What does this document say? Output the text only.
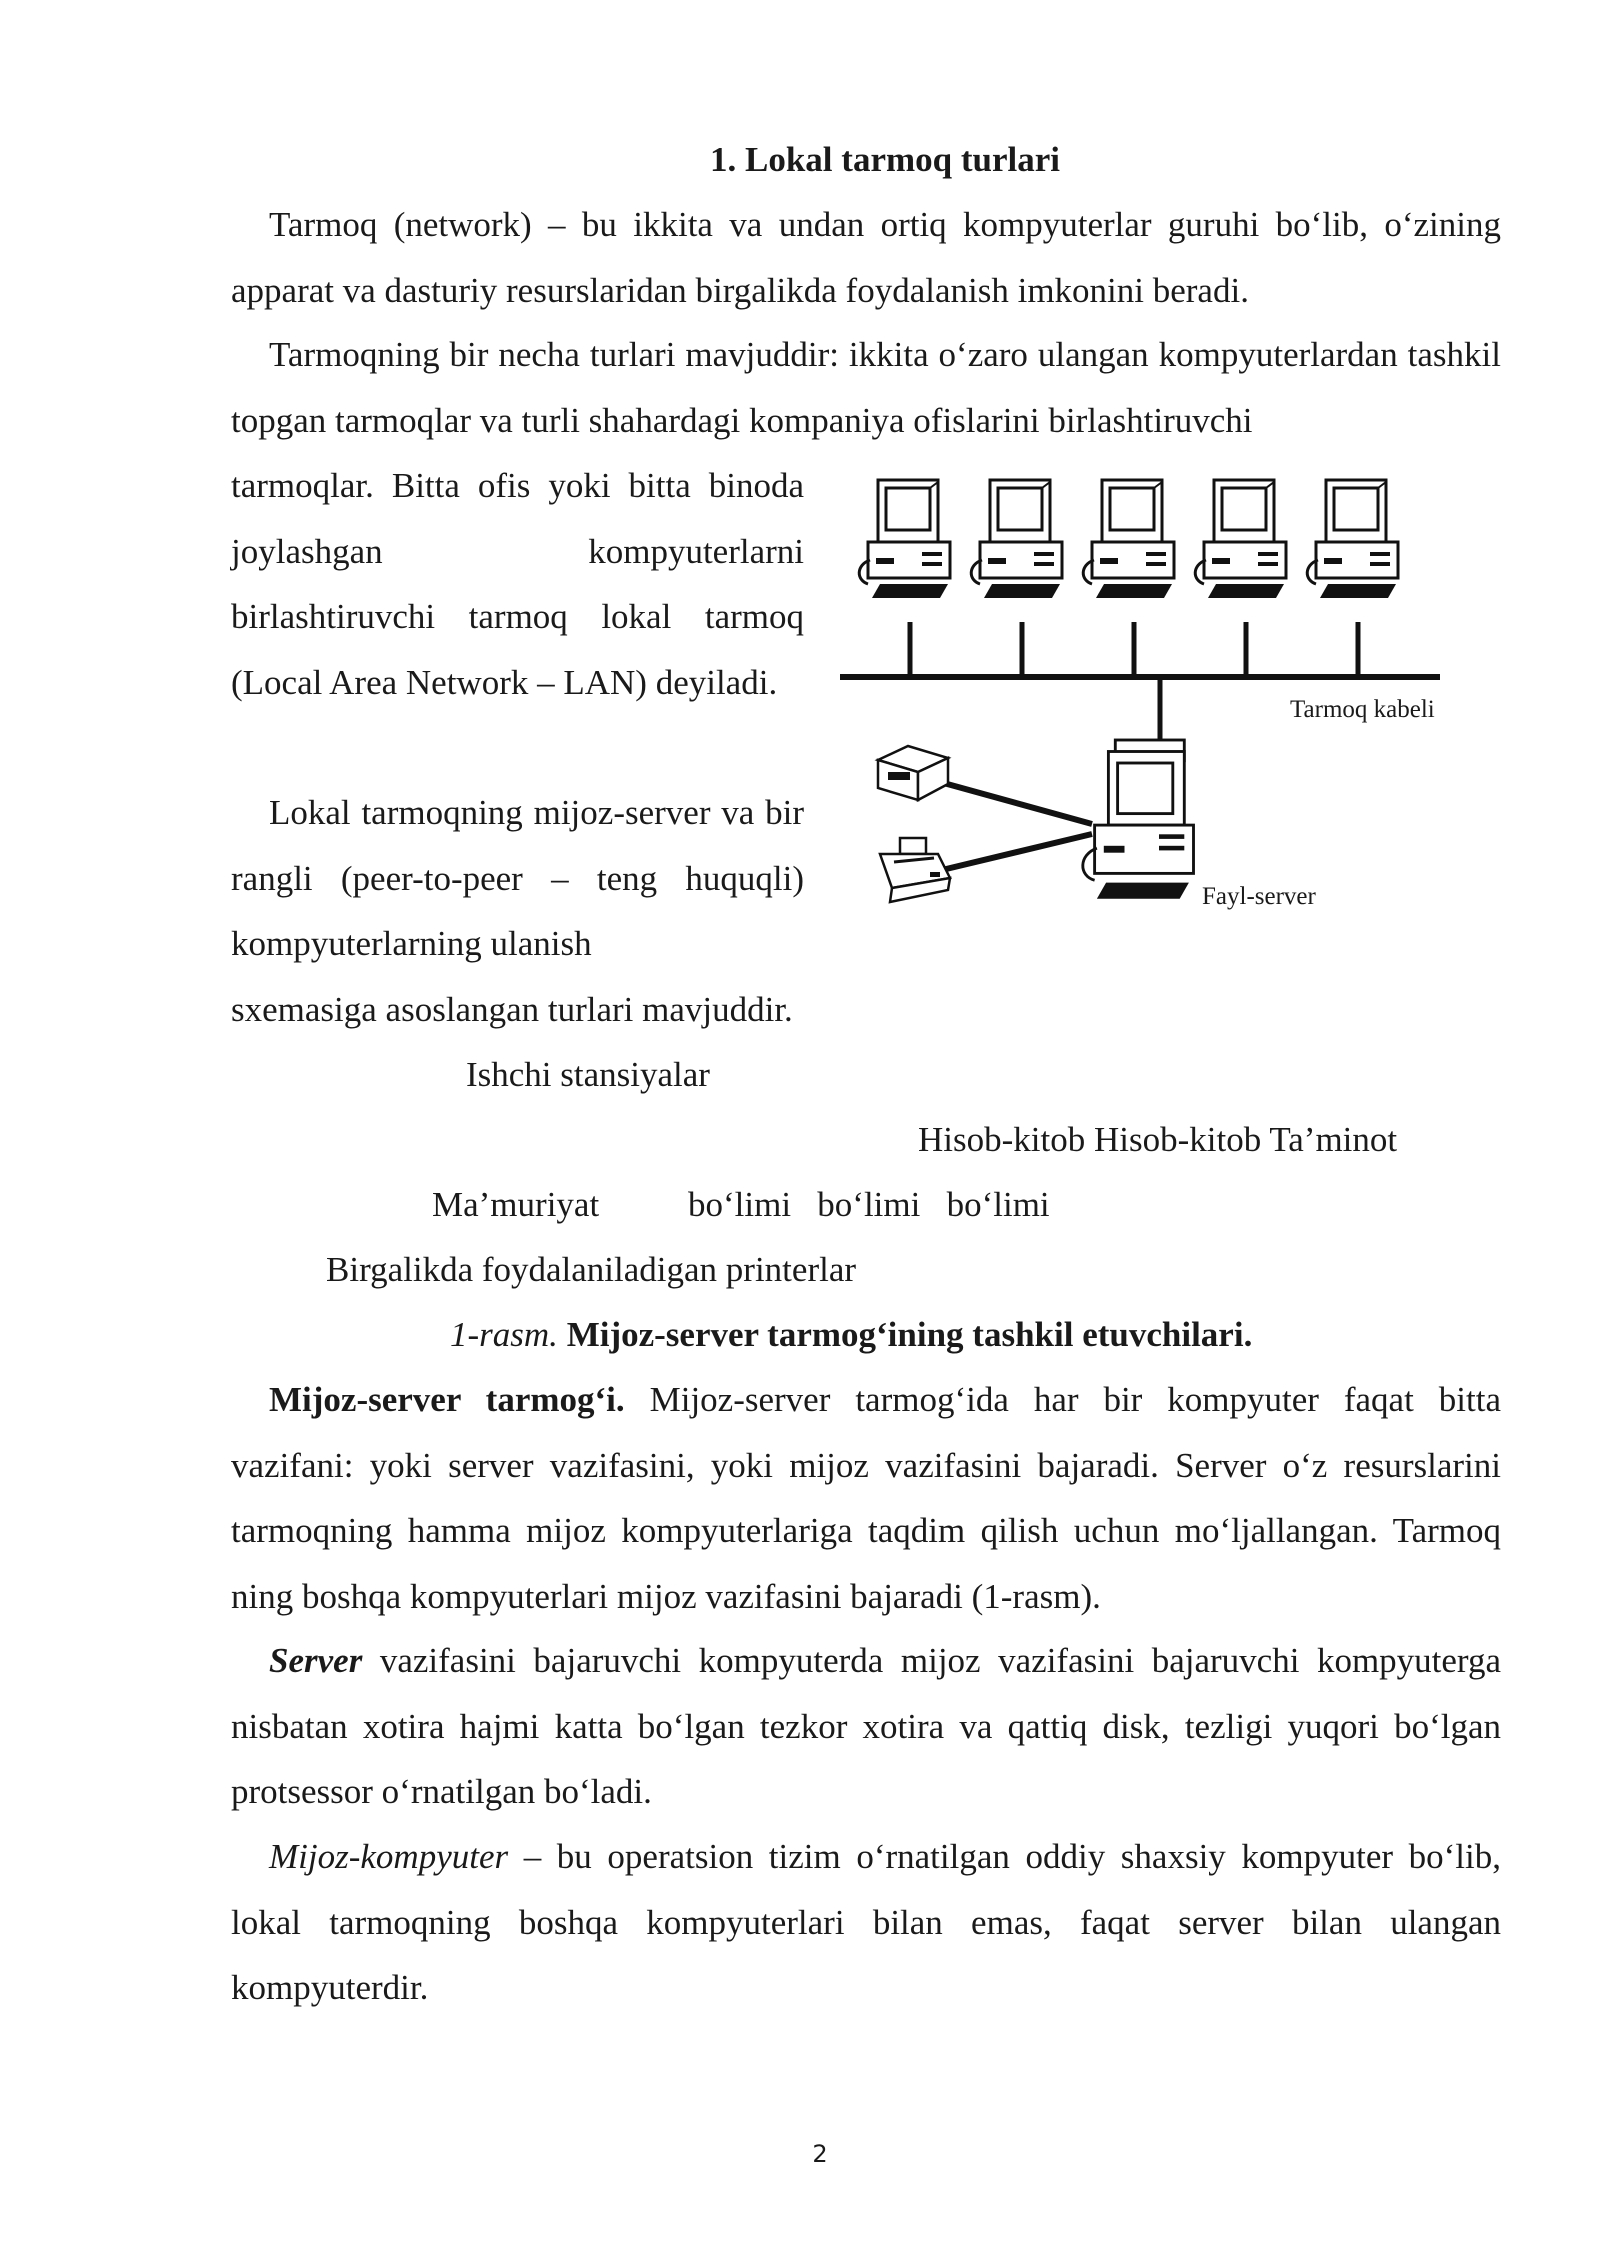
1. Lokal tarmoq turlari

Tarmoq (network) – bu ikkita va undan ortiq kompyuterlar guruhi bo‘lib, o‘zining apparat va dasturiy resurslaridan birgalikda foydalanish imkonini beradi.

Tarmoqning bir necha turlari mavjuddir: ikkita o‘zaro ulangan kompyuterlardan tashkil topgan tarmoqlar va turli shahardagi kompaniya ofislarini birlashtiruvchi

tarmoqlar. Bitta ofis yoki bitta binoda joylashgan kompyuterlarni birlashtiruvchi tarmoq lokal tarmoq (Local Area Network – LAN) deyiladi.

Lokal tarmoqning mijoz-server va bir rangli (peer-to-peer – teng huquqli) kompyuterlarning ulanish

sxemasiga asoslangan turlari mavjuddir.

Tarmoq kabeli
Fayl-server

Ishchi stansiyalar

Hisob-kitob Hisob-kitob Ta’minot

Ma’muriyat	bo‘limi   bo‘limi   bo‘limi

Birgalikda foydalaniladigan printerlar

1-rasm. Mijoz-server tarmog‘ining tashkil etuvchilari.

Mijoz-server tarmog‘i. Mijoz-server tarmog‘ida har bir kompyuter faqat bitta vazifani: yoki server vazifasini, yoki mijoz vazifasini bajaradi. Server o‘z resurslarini tarmoqning hamma mijoz kompyuterlariga taqdim qilish uchun mo‘ljallangan. Tarmoq ning boshqa kompyuterlari mijoz vazifasini bajaradi (1-rasm).

Server vazifasini bajaruvchi kompyuterda mijoz vazifasini bajaruvchi kompyuterga nisbatan xotira hajmi katta bo‘lgan tezkor xotira va qattiq disk, tezligi yuqori bo‘lgan protsessor o‘rnatilgan bo‘ladi.

Mijoz-kompyuter – bu operatsion tizim o‘rnatilgan oddiy shaxsiy kompyuter bo‘lib, lokal tarmoqning boshqa kompyuterlari bilan emas, faqat server bilan ulangan kompyuterdir.

2
